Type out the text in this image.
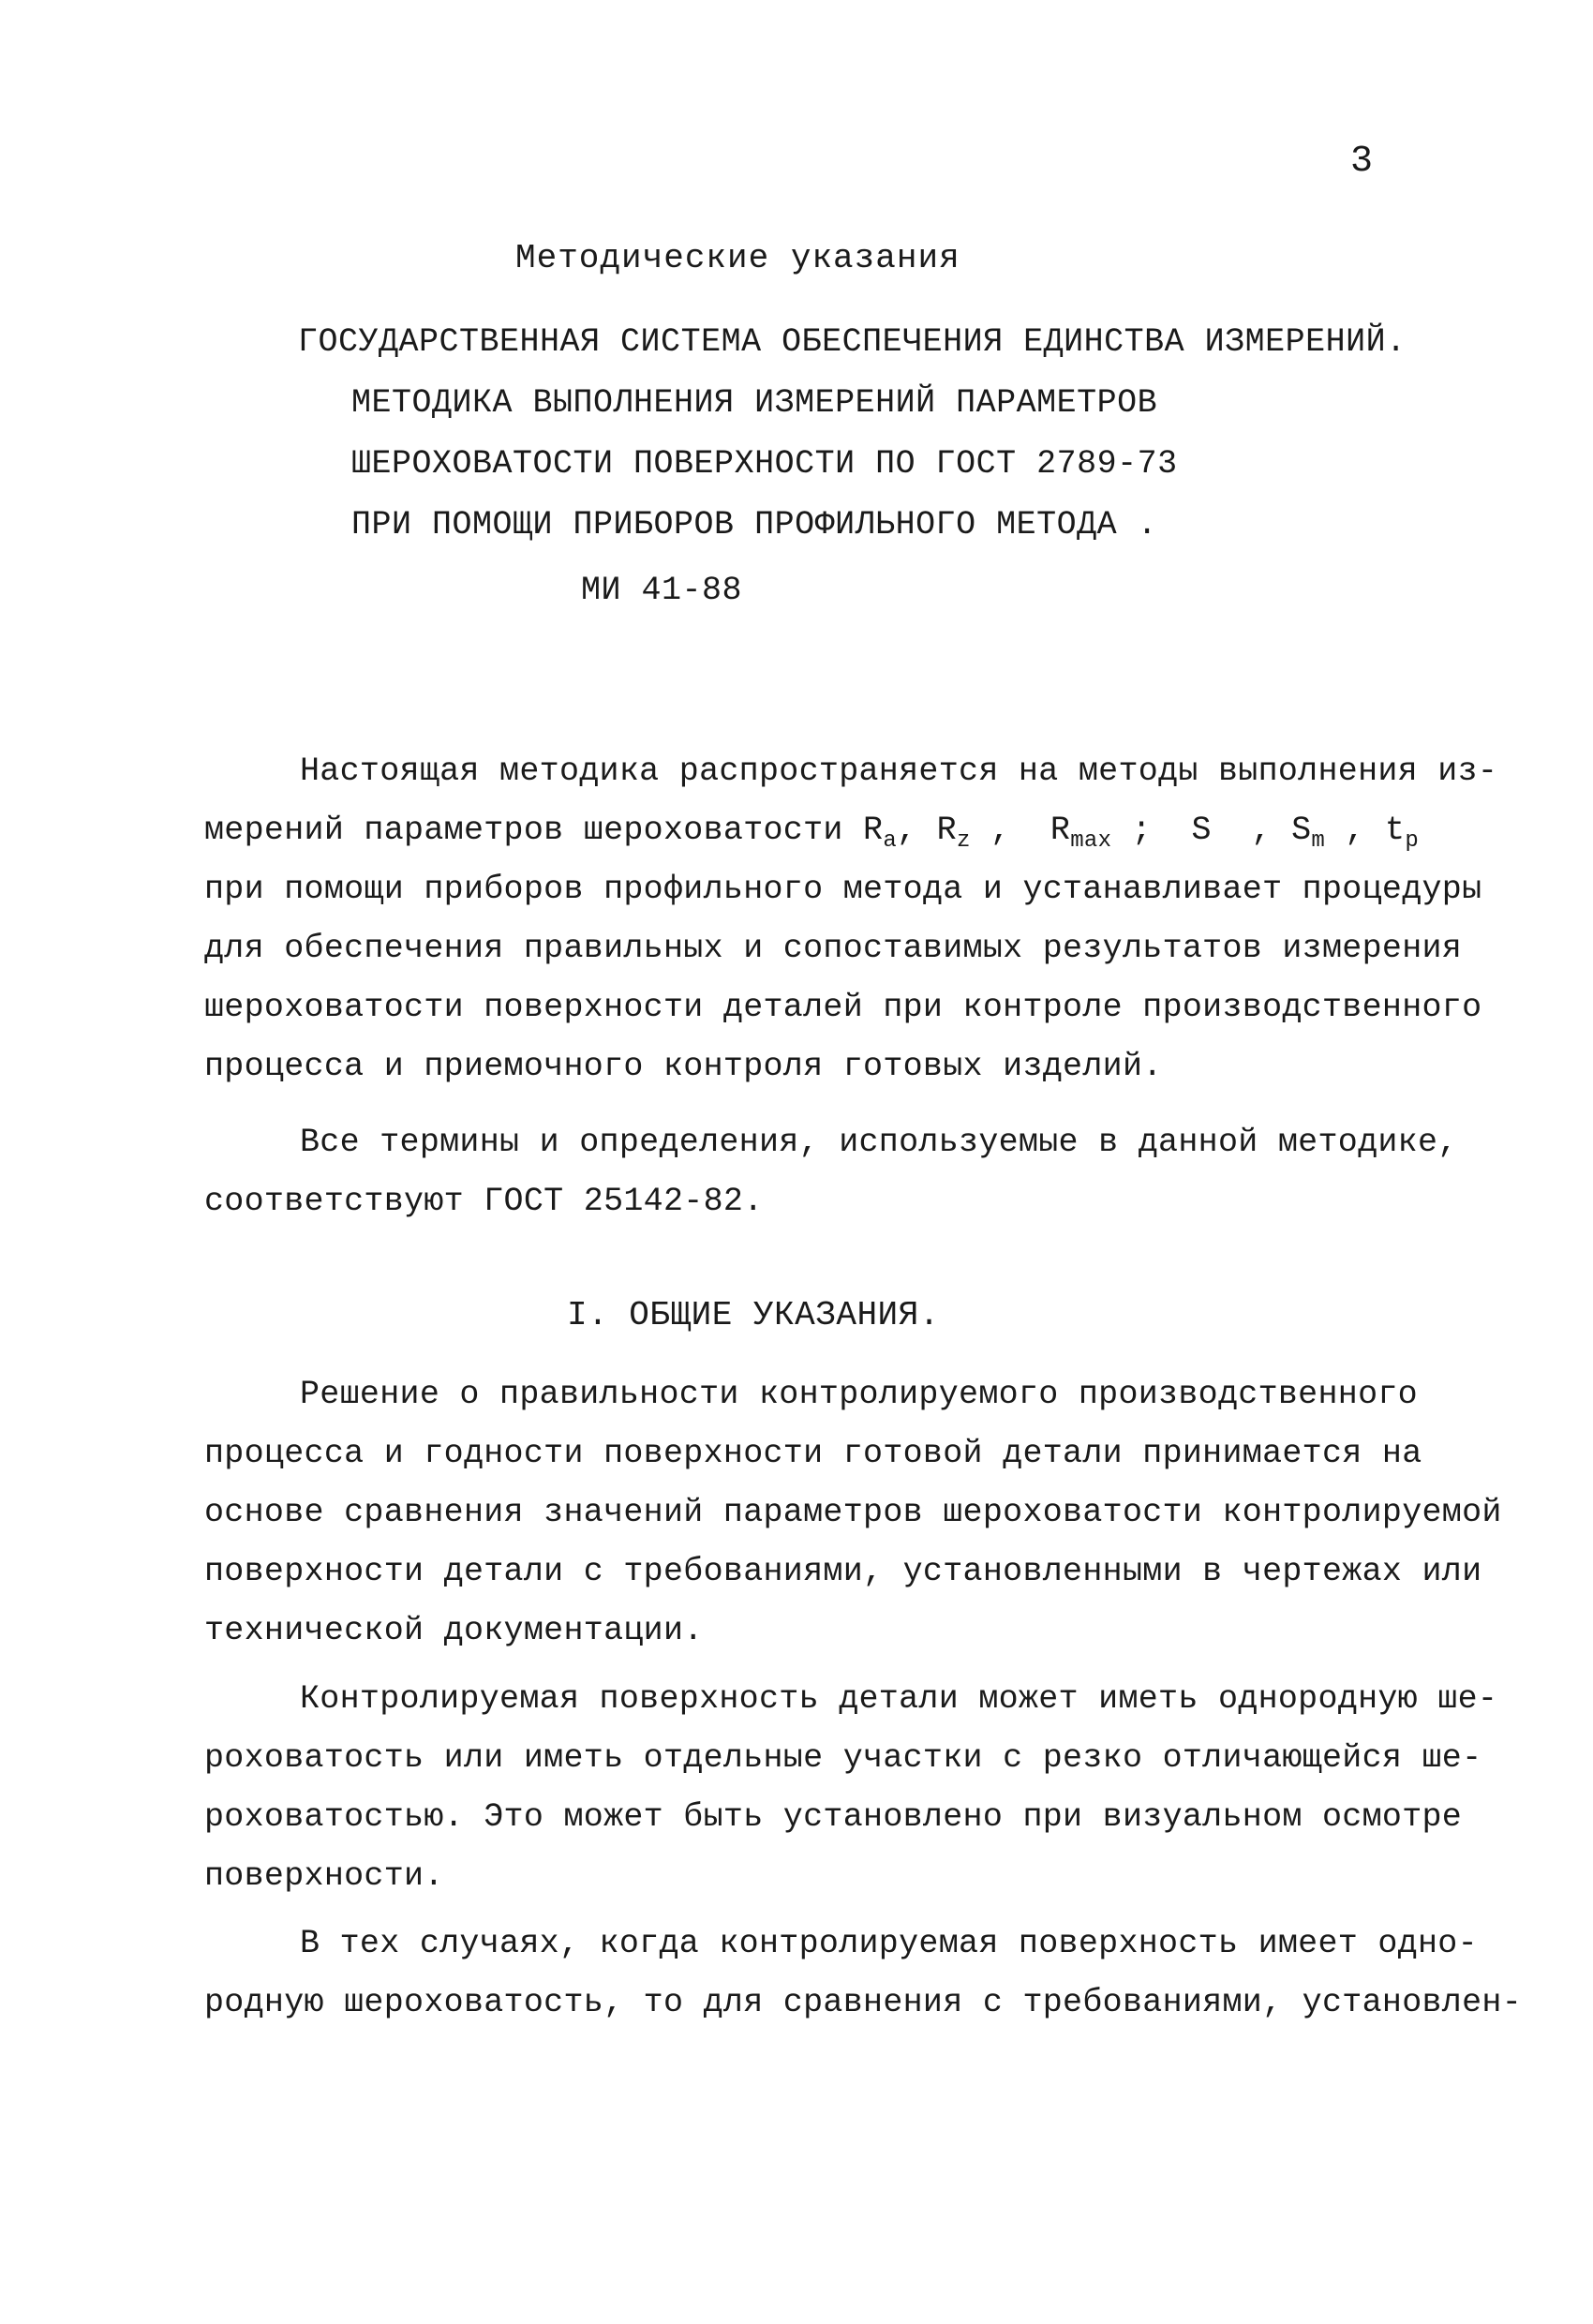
3
Методические указания
ГОСУДАРСТВЕННАЯ СИСТЕМА ОБЕСПЕЧЕНИЯ ЕДИНСТВА ИЗМЕРЕНИЙ.
МЕТОДИКА ВЫПОЛНЕНИЯ ИЗМЕРЕНИЙ ПАРАМЕТРОВ
ШЕРОХОВАТОСТИ ПОВЕРХНОСТИ ПО ГОСТ 2789-73
ПРИ ПОМОЩИ ПРИБОРОВ ПРОФИЛЬНОГО МЕТОДА .
МИ 41-88
Настоящая методика распространяется на методы выполнения из-
мерений параметров шероховатости $R_a$, $R_z$ ,  $R_{max}$ ;  S  , $S_m$ , $t_p$
при помощи приборов профильного метода и устанавливает процедуры
для обеспечения правильных и сопоставимых результатов измерения
шероховатости поверхности деталей при контроле производственного
процесса и приемочного контроля готовых изделий.
Все термины и определения, используемые в данной методике,
соответствуют ГОСТ 25142-82.
I. ОБЩИЕ УКАЗАНИЯ.
Решение о правильности контролируемого производственного
процесса и годности поверхности готовой детали принимается на
основе сравнения значений параметров шероховатости контролируемой
поверхности детали с требованиями, установленными в чертежах или
технической документации.
Контролируемая поверхность детали может иметь однородную ше-
роховатость или иметь отдельные участки с резко отличающейся ше-
роховатостью. Это может быть установлено при визуальном осмотре
поверхности.
В тех случаях, когда контролируемая поверхность имеет одно-
родную шероховатость, то для сравнения с требованиями, установлен-
